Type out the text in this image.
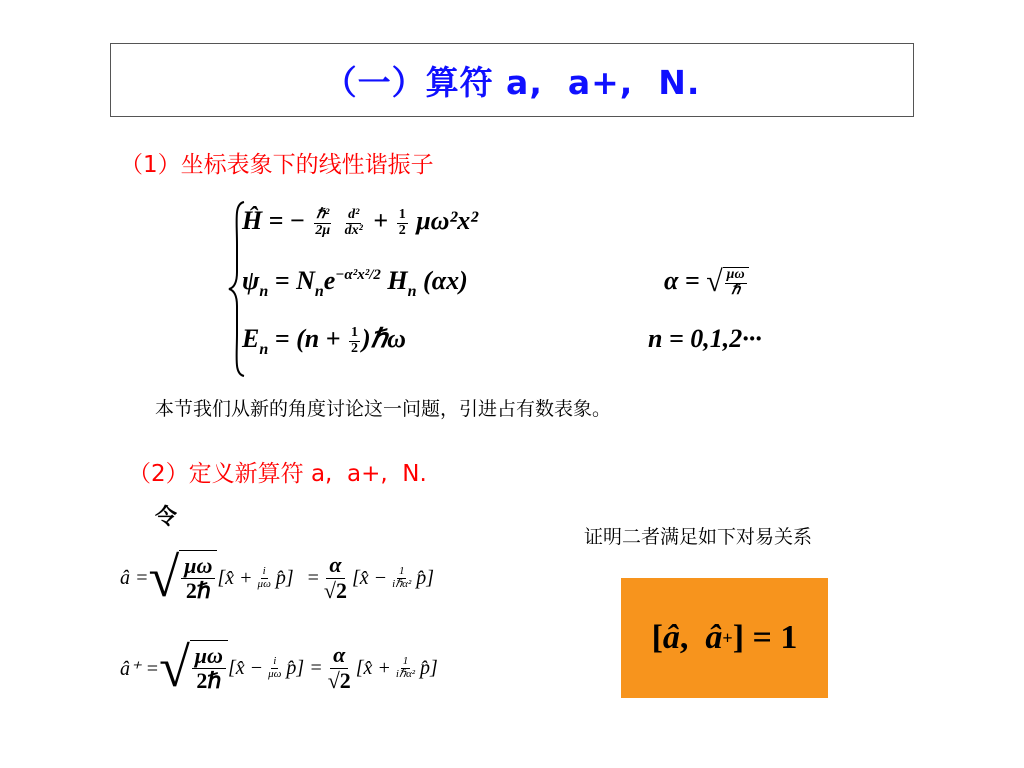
（一）算符 a,  a+,  N.
（1）坐标表象下的线性谐振子
Ĥ = − $\frac{\text{ℏ²}}{2\mu}$
$\frac{\text{d²}}{\text{dx²}} + \frac{1}{2} \mu\omega^2x^2$
$\psi_n = N_ne^{-\alpha^2x^2/2}$ $H_n$ (αx)	α = √ $\frac{\mu\omega}{\text{ℏ}}$
$E_n = (n + \frac{1}{2}$ )ℏω	n = 0,1,2···
本节我们从新的角度讨论这一问题，引进占有数表象。
（2）定义新算符 a,  a+,  N.
令
证明二者满足如下对易关系
â = √ $\frac{\mu\omega}{\text{2ℏ}}$ [x̂ + $\frac{i}{\mu\omega}$ p̂] = $\frac{\alpha}{√2}$ [x̂ − $\frac{1}{\text{iℏα²}}$ p̂]
â⁺ = √ $\frac{\mu\omega}{\text{2ℏ}}$ [x̂ − $\frac{i}{\mu\omega}$ p̂] = $\frac{\alpha}{√2}$ [x̂ + $\frac{1}{\text{iℏα²}}$ p̂]
[ â , â + ] = 1
